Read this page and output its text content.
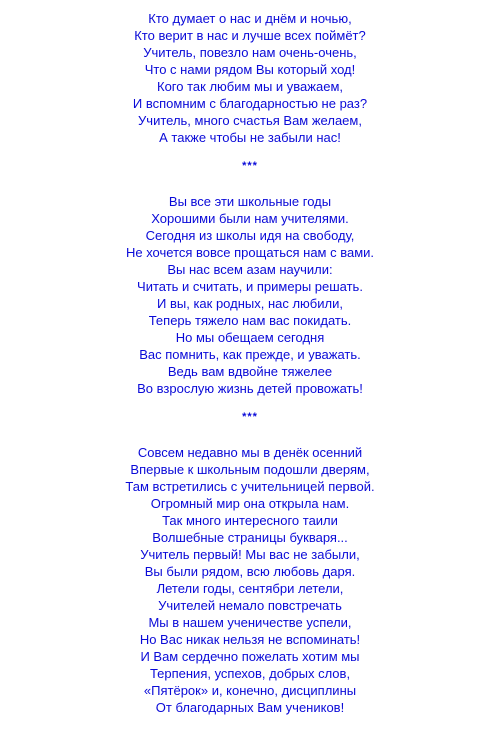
Кто думает о нас и днём и ночью,
Кто верит в нас и лучше всех поймёт?
Учитель, повезло нам очень-очень,
Что с нами рядом Вы который ход!
Кого так любим мы и уважаем,
И вспомним с благодарностью не раз?
Учитель, много счастья Вам желаем,
А также чтобы не забыли нас!
***
Вы все эти школьные годы
Хорошими были нам учителями.
Сегодня из школы идя на свободу,
Не хочется вовсе прощаться нам с вами.
Вы нас всем азам научили:
Читать и считать, и примеры решать.
И вы, как родных, нас любили,
Теперь тяжело нам вас покидать.
Но мы обещаем сегодня
Вас помнить, как прежде, и уважать.
Ведь вам вдвойне тяжелее
Во взрослую жизнь детей провожать!
***
Совсем недавно мы в денёк осенний
Впервые к школьным подошли дверям,
Там встретились с учительницей первой.
Огромный мир она открыла нам.
Так много интересного таили
Волшебные страницы букваря...
Учитель первый! Мы вас не забыли,
Вы были рядом, всю любовь даря.
Летели годы, сентябри летели,
Учителей немало повстречать
Мы в нашем ученичестве успели,
Но Вас никак нельзя не вспоминать!
И Вам сердечно пожелать хотим мы
Терпения, успехов, добрых слов,
«Пятёрок» и, конечно, дисциплины
От благодарных Вам учеников!
